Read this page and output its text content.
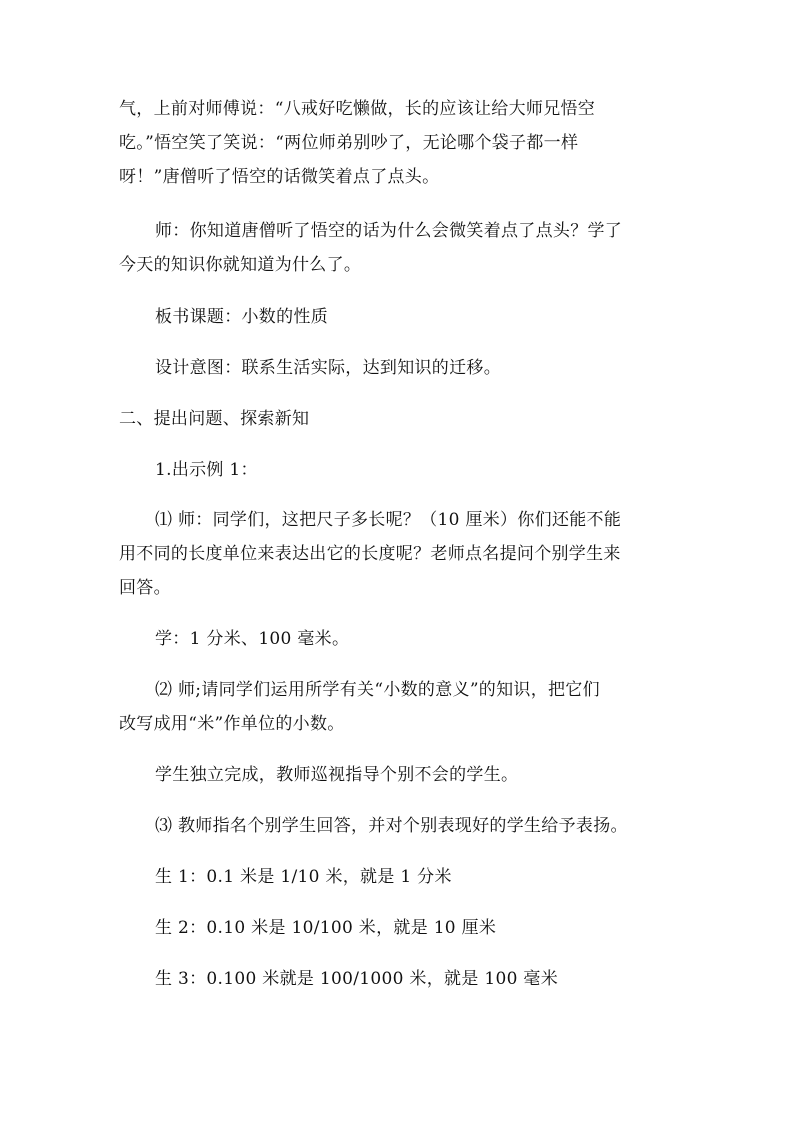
气，上前对师傅说：“八戒好吃懒做，长的应该让给大师兄悟空
吃。”悟空笑了笑说：“两位师弟别吵了，无论哪个袋子都一样
呀！”唐僧听了悟空的话微笑着点了点头。
师：你知道唐僧听了悟空的话为什么会微笑着点了点头？学了
今天的知识你就知道为什么了。
板书课题：小数的性质
设计意图：联系生活实际，达到知识的迁移。
二、提出问题、探索新知
1.出示例 1：
⑴ 师：同学们，这把尺子多长呢？（10 厘米）你们还能不能
用不同的长度单位来表达出它的长度呢？老师点名提问个别学生来
回答。
学：1 分米、100 毫米。
⑵ 师;请同学们运用所学有关“小数的意义”的知识，把它们
改写成用“米”作单位的小数。
学生独立完成，教师巡视指导个别不会的学生。
⑶ 教师指名个别学生回答，并对个别表现好的学生给予表扬。
生 1：0.1 米是 1/10 米，就是 1 分米
生 2：0.10 米是 10/100 米，就是 10 厘米
生 3：0.100 米就是 100/1000 米，就是 100 毫米
